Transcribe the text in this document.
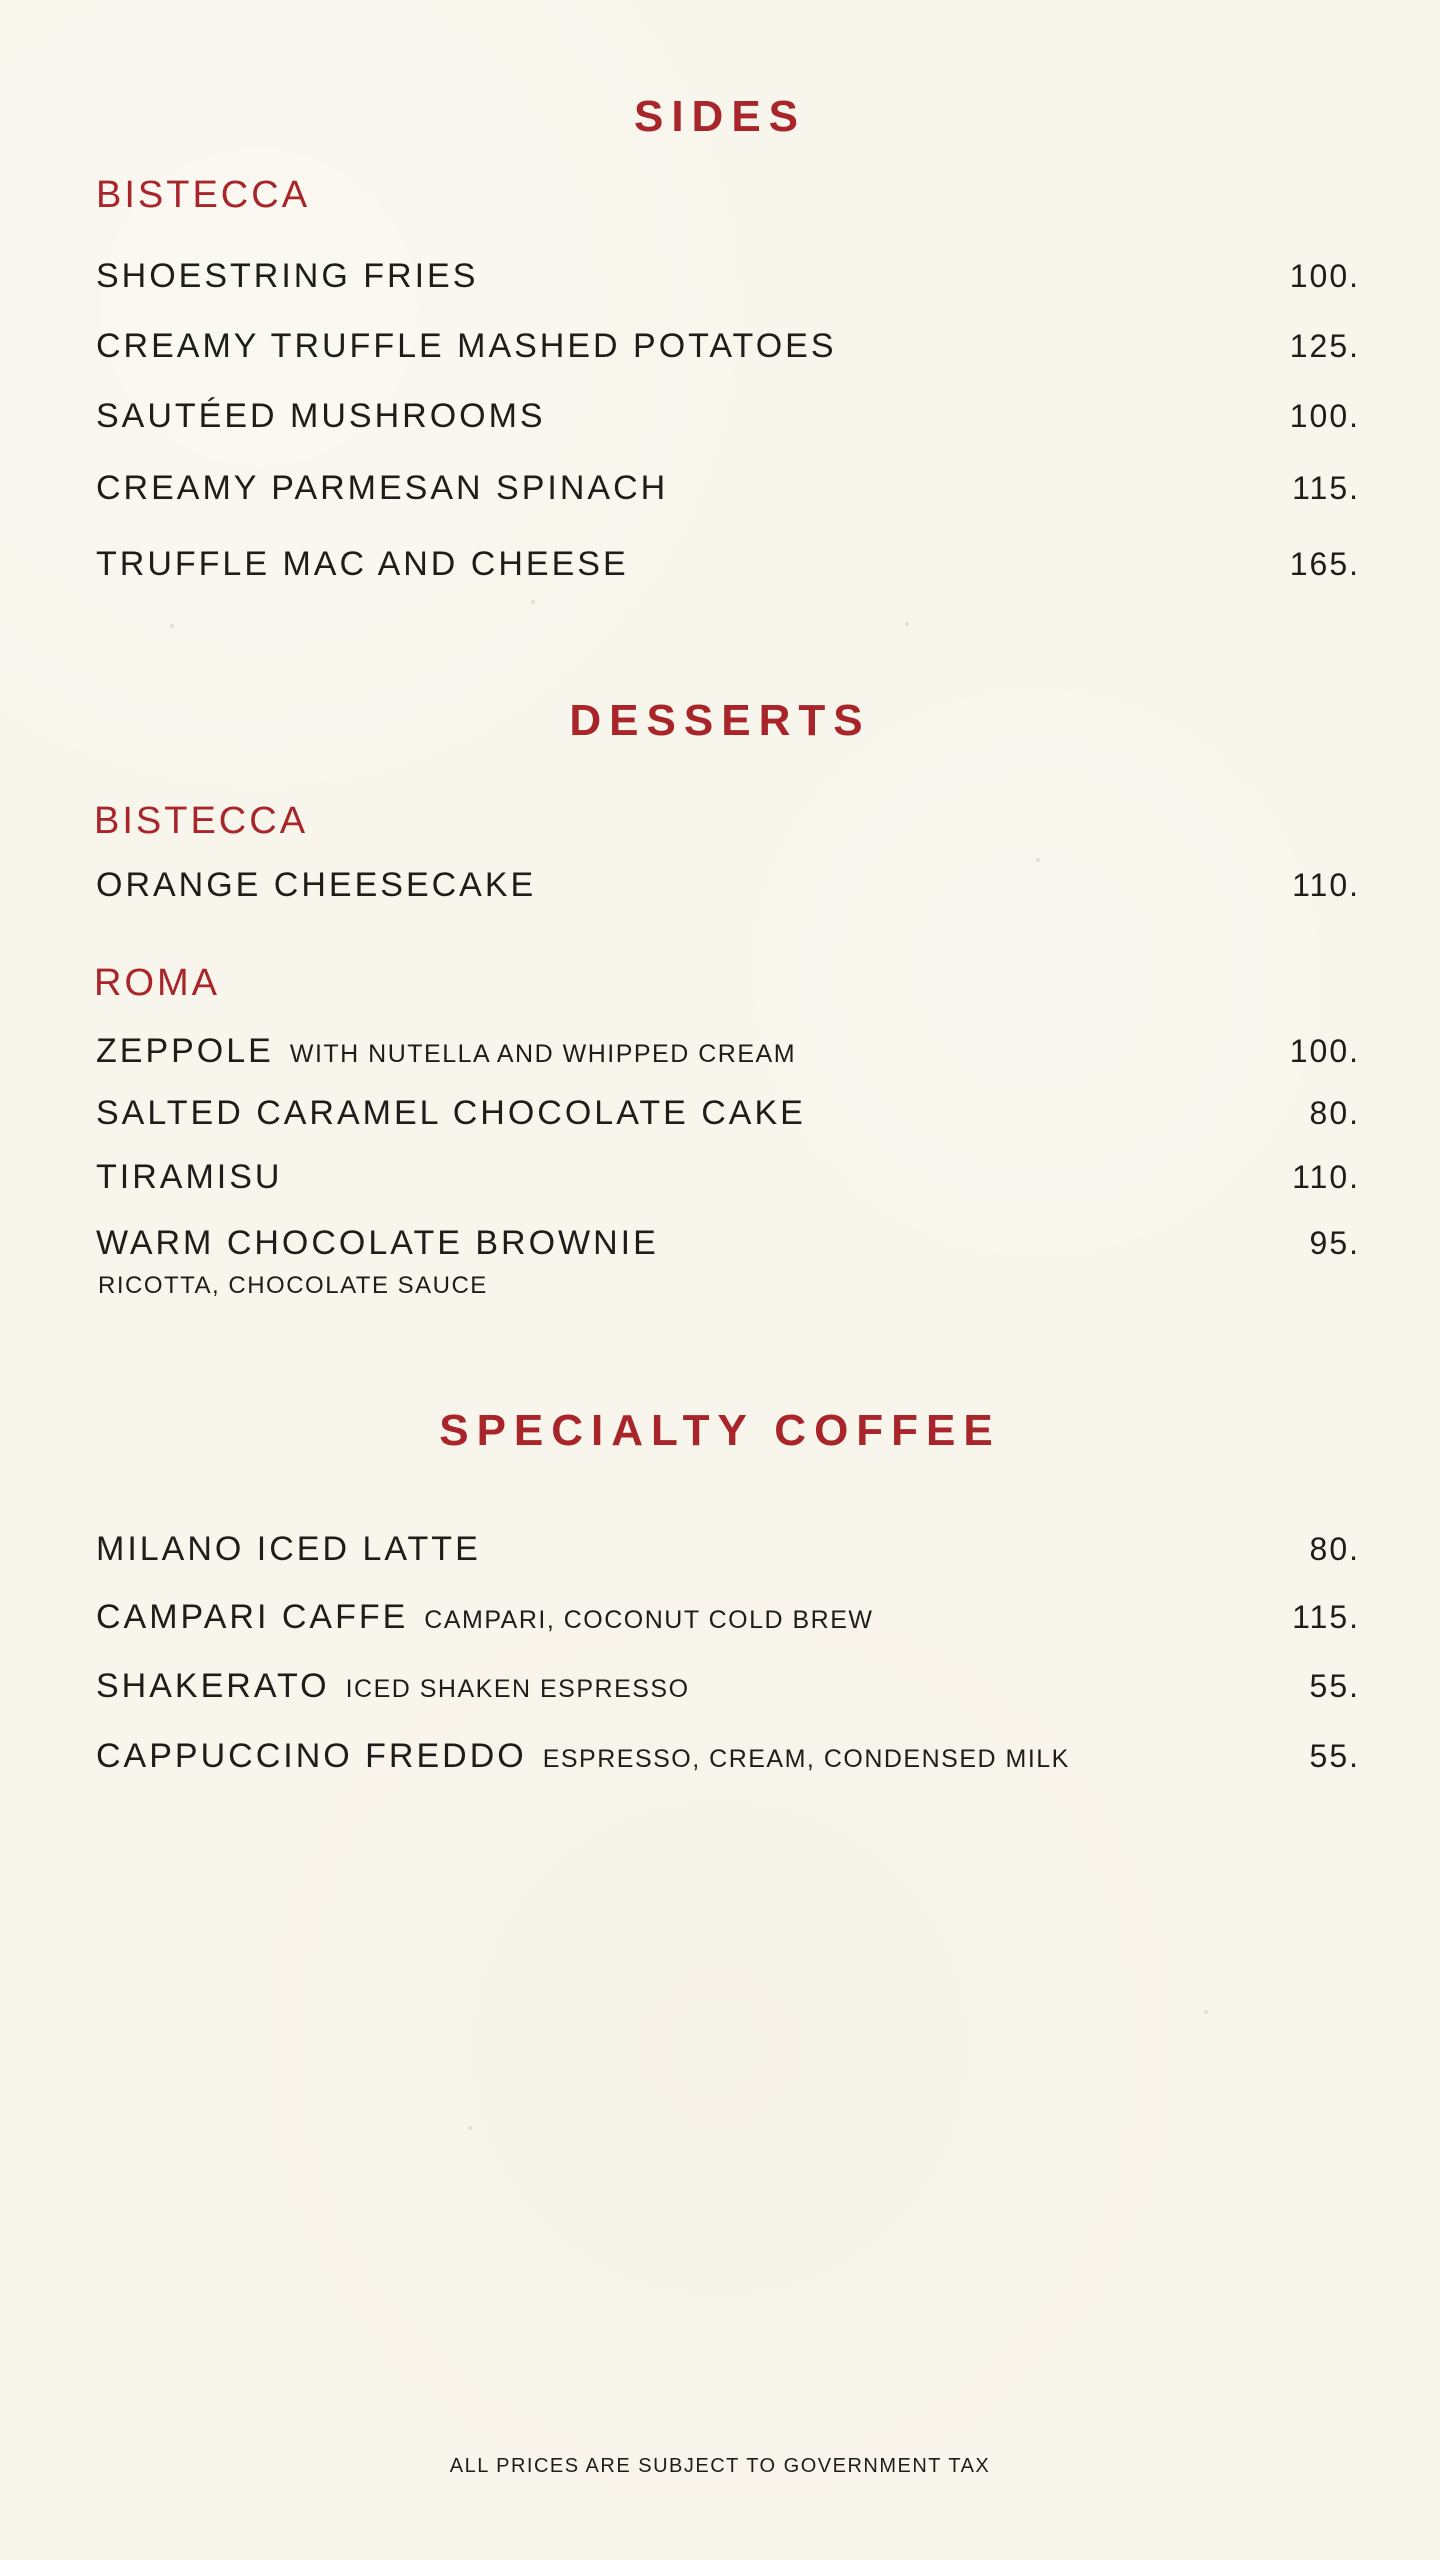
SIDES
BISTECCA
SHOESTRING FRIES	100.
CREAMY TRUFFLE MASHED POTATOES	125.
SAUTÉED MUSHROOMS	100.
CREAMY PARMESAN SPINACH	115.
TRUFFLE MAC AND CHEESE	165.
DESSERTS
BISTECCA
ORANGE CHEESECAKE	110.
ROMA
ZEPPOLE WITH NUTELLA AND WHIPPED CREAM	100.
SALTED CARAMEL CHOCOLATE CAKE	80.
TIRAMISU	110.
WARM CHOCOLATE BROWNIE	95.
RICOTTA, CHOCOLATE SAUCE
SPECIALTY COFFEE
MILANO ICED LATTE	80.
CAMPARI CAFFE CAMPARI, COCONUT COLD BREW	115.
SHAKERATO ICED SHAKEN ESPRESSO	55.
CAPPUCCINO FREDDO ESPRESSO, CREAM, CONDENSED MILK	55.
ALL PRICES ARE SUBJECT TO GOVERNMENT TAX
